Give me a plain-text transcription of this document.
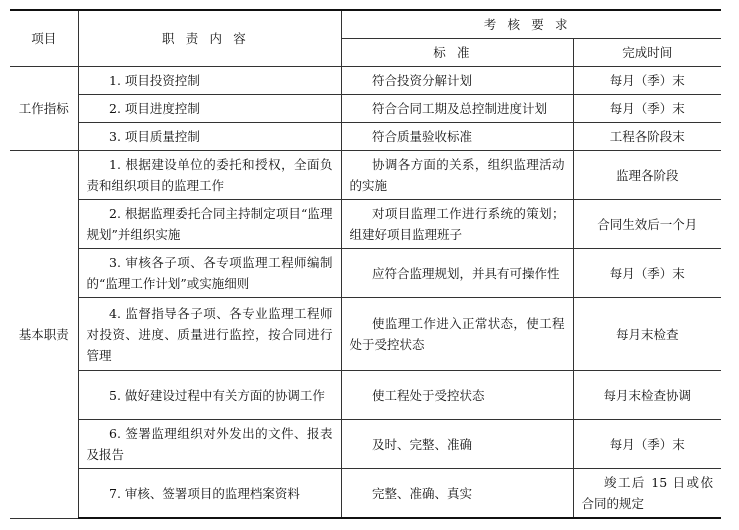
项目	职责内容	考核要求	
		标准	完成时间
工作指标	1. 项目投资控制	符合投资分解计划	每月（季）末
	2. 项目进度控制	符合合同工期及总控制进度计划	每月（季）末
	3. 项目质量控制	符合质量验收标准	工程各阶段末
基本职责	1. 根据建设单位的委托和授权，全面负责和组织项目的监理工作	协调各方面的关系，组织监理活动的实施	监理各阶段
	2. 根据监理委托合同主持制定项目“监理规划”并组织实施	对项目监理工作进行系统的策划；组建好项目监理班子	合同生效后一个月
	3. 审核各子项、各专项监理工程师编制的“监理工作计划”或实施细则	应符合监理规划，并具有可操作性	每月（季）末
	4. 监督指导各子项、各专业监理工程师对投资、进度、质量进行监控，按合同进行管理	使监理工作进入正常状态，使工程处于受控状态	每月末检查
	5. 做好建设过程中有关方面的协调工作	使工程处于受控状态	每月末检查协调
	6. 签署监理组织对外发出的文件、报表及报告	及时、完整、准确	每月（季）末
	7. 审核、签署项目的监理档案资料	完整、准确、真实	竣工后 15 日或依合同的规定
